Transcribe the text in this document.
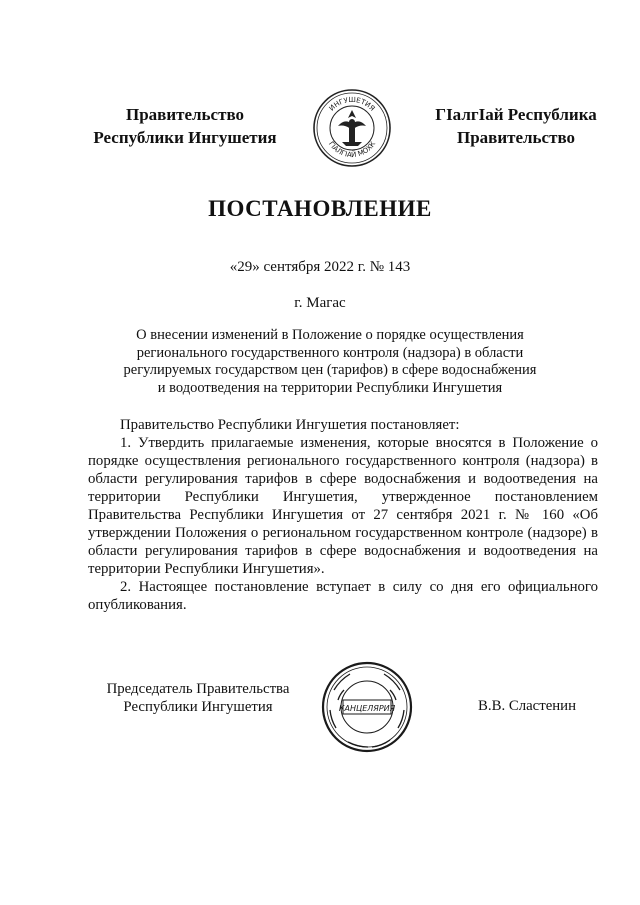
Правительство
Республики Ингушетия
ИНГУШЕТИЯ
ГIАЛГIАЙ МОХК
ГIалгIай Республика
Правительство
ПОСТАНОВЛЕНИЕ
«29» сентября 2022 г. № 143
г. Магас
О внесении изменений в Положение о порядке осуществления регионального государственного контроля (надзора) в области регулируемых государством цен (тарифов) в сфере водоснабжения и водоотведения на территории Республики Ингушетия

Правительство Республики Ингушетия постановляет:

1. Утвердить прилагаемые изменения, которые вносятся в Положение о порядке осуществления регионального государственного контроля (надзора) в области регулирования тарифов в сфере водоснабжения и водоотведения на территории Республики Ингушетия, утвержденное постановлением Правительства Республики Ингушетия от 27 сентября 2021 г. № 160 «Об утверждении Положения о региональном государственном контроле (надзоре) в области регулирования тарифов в сфере водоснабжения и водоотведения на территории Республики Ингушетия».

2. Настоящее постановление вступает в силу со дня его официального опубликования.

Председатель Правительства
Республики Ингушетия	КАНЦЕЛЯРИЯ	В.В. Сластенин
